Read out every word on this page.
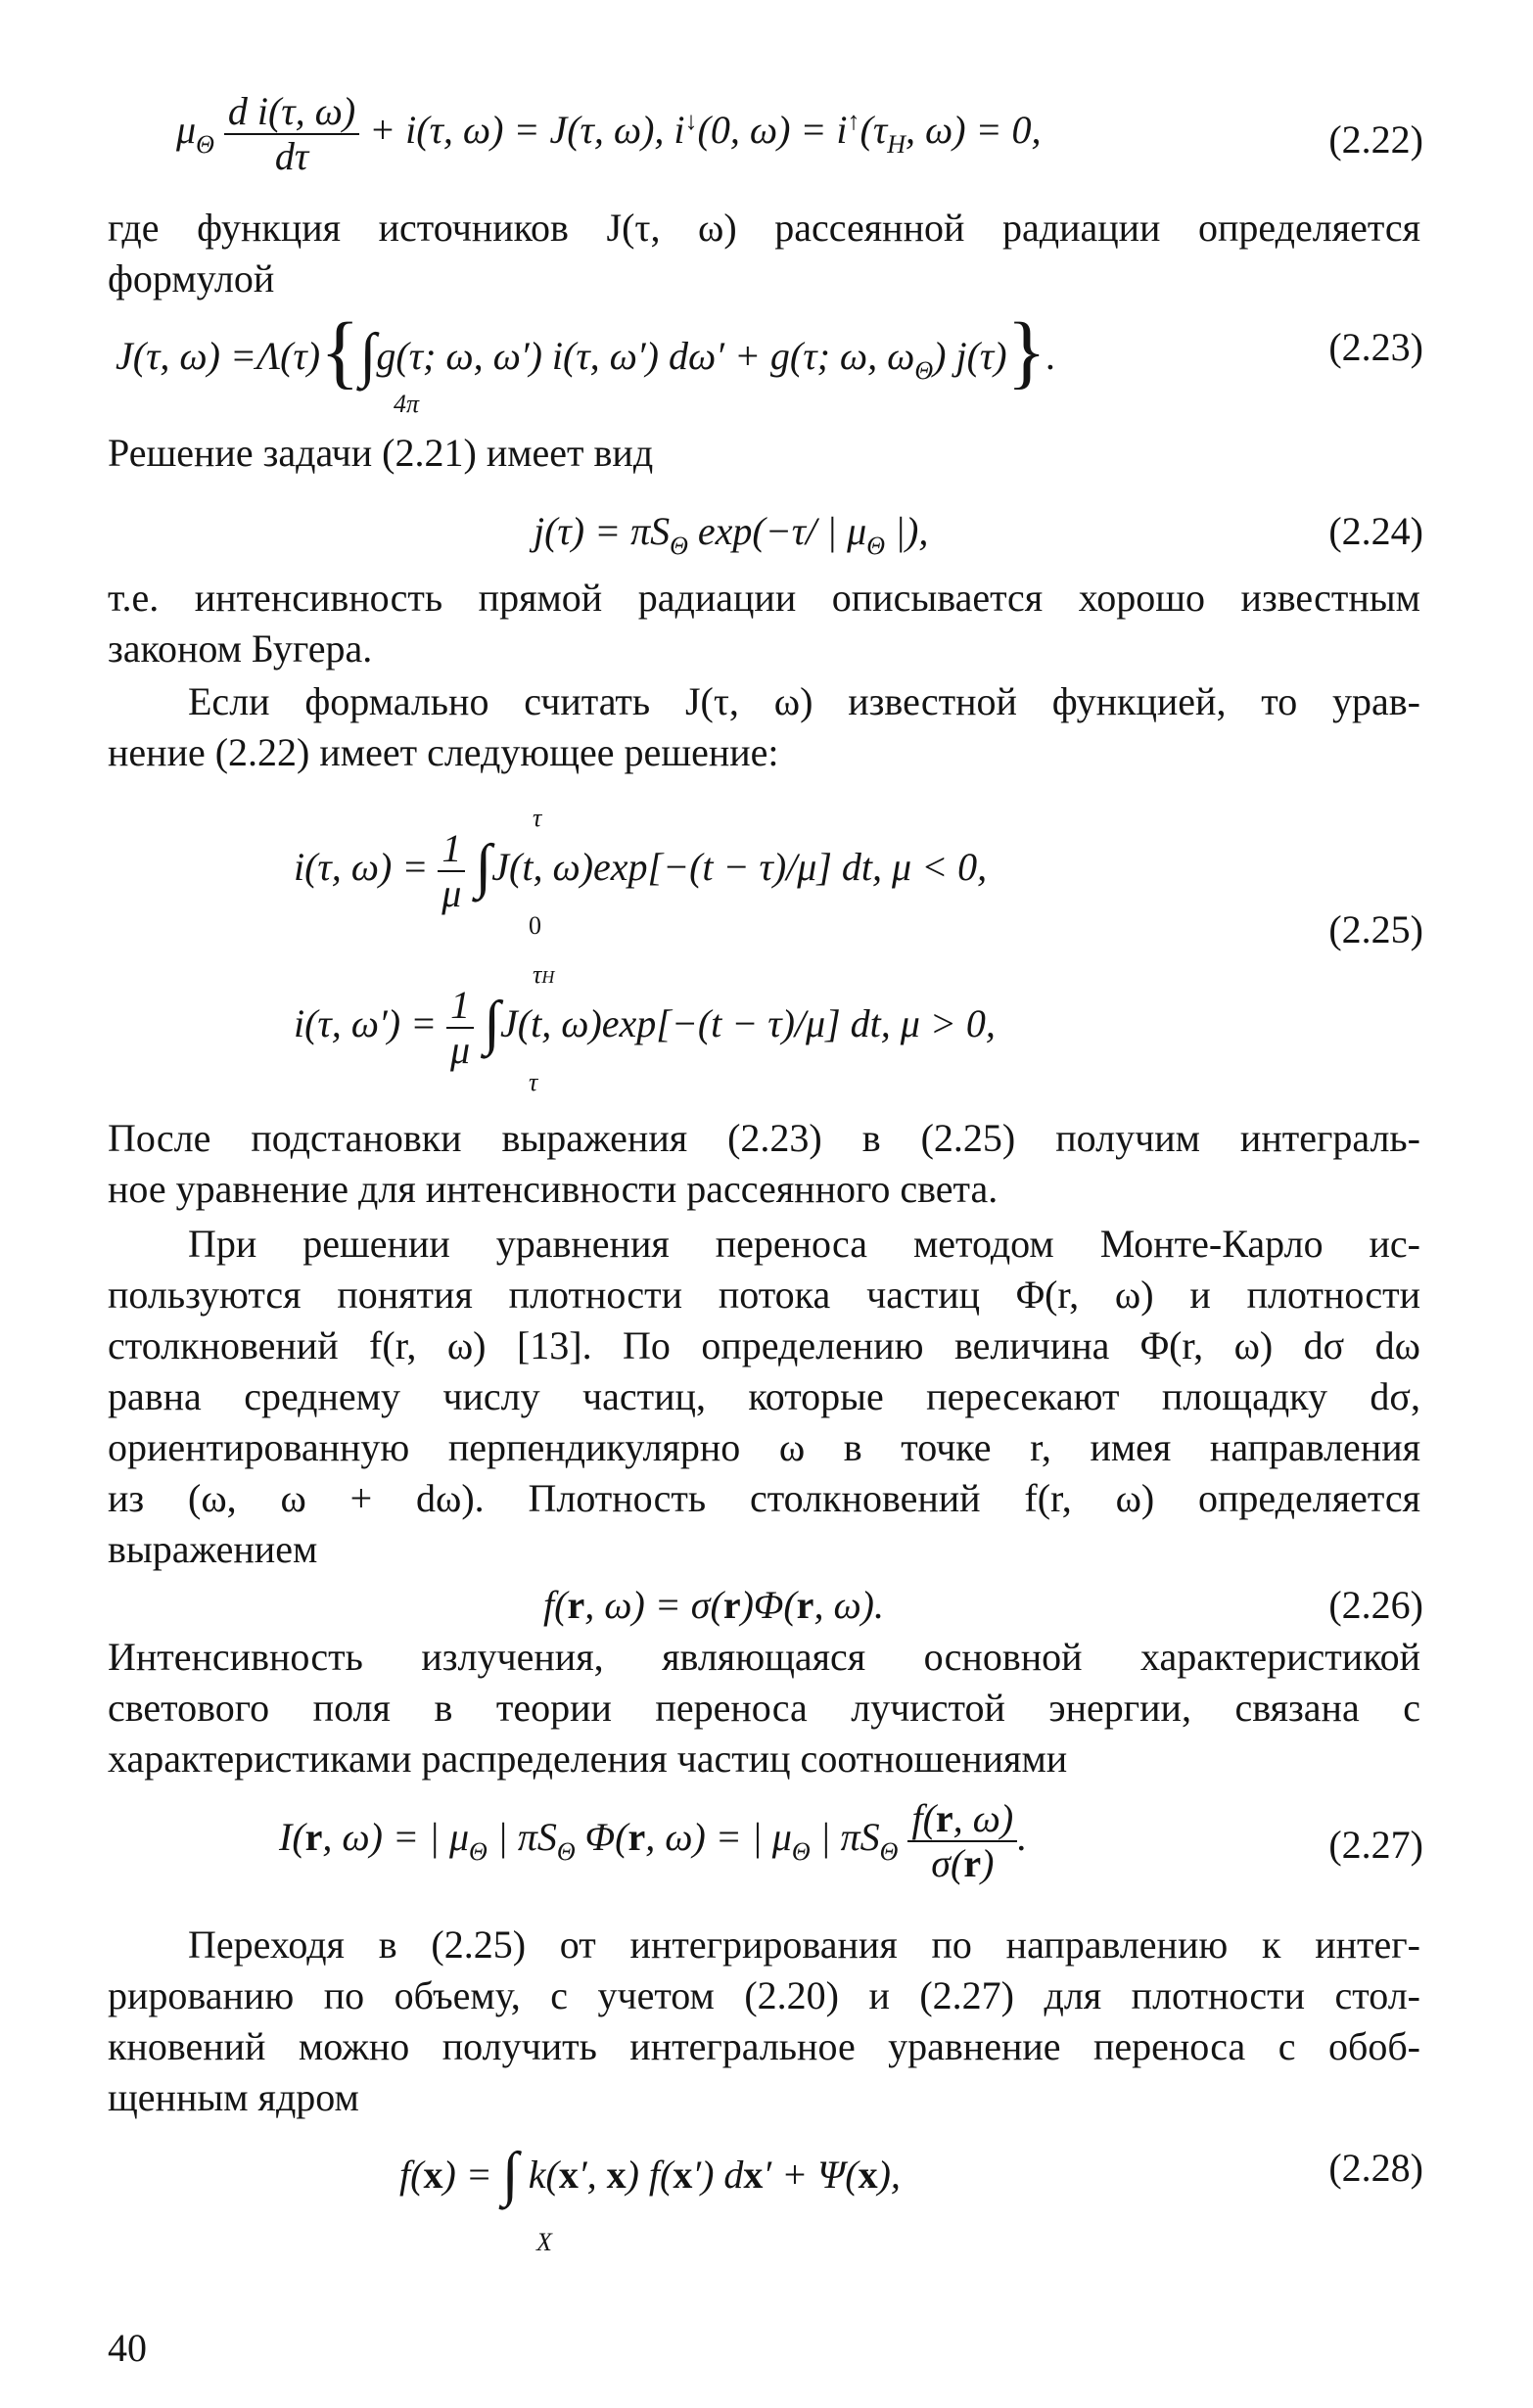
$\mu_\Theta \frac{\text{d i(τ, ω)}}{d\tau} + i(\tau$, ω) = J(τ, ω), i↓(0, $\omega) = i^↑(\tau_H$, ω) = 0,	(2.22)
где функция источников J(τ, ω) рассеянной радиации определяется
формулой
J(τ, ω) =Λ(τ){∫g(τ; ω, ω′) i(τ, ω′) dω′ + g(τ; ω, $\omega_\Theta$) j(τ)}.
4π
(2.23)
Решение задачи (2.21) имеет вид
$j(\tau) = \pi S_\Theta$ exp(−τ/ | $\mu_\Theta$ |),	(2.24)
т.е. интенсивность прямой радиации описывается хорошо известным
законом Бугера.
Если формально считать J(τ, ω) известной функцией, то урав-
нение (2.22) имеет следующее решение:
i(τ, $\omega) = \frac{1}{\mu} \int J(t$, ω)exp[−(t − τ)/μ] dt, μ < 0,
τ
0
i(τ, $\omega') = \frac{1}{\mu} \int J(t$, ω)exp[−(t − τ)/μ] dt, μ > 0,
τH
τ
(2.25)
После подстановки выражения (2.23) в (2.25) получим интеграль-
ное уравнение для интенсивности рассеянного света.
При решении уравнения переноса методом Монте-Карло ис-
пользуются понятия плотности потока частиц Φ(r, ω) и плотности
столкновений f(r, ω) [13]. По определению величина Φ(r, ω) dσ dω
равна среднему числу частиц, которые пересекают площадку dσ,
ориентированную перпендикулярно ω в точке r, имея направления
из (ω, ω + dω). Плотность столкновений f(r, ω) определяется
выражением
f(r, ω) = σ(r)Φ(r, ω).	(2.26)
Интенсивность излучения, являющаяся основной характеристикой
светового поля в теории переноса лучистой энергии, связана с
характеристиками распределения частиц соотношениями
I(r, ω) = | $\mu_\Theta$ | $\pi S_\Theta$ Φ(r, ω) = | $\mu_\Theta$ | $\pi S_\Theta \frac{f(r, \omega)}{\sigma(r)}$ .	(2.27)
Переходя в (2.25) от интегрирования по направлению к интег-
рированию по объему, с учетом (2.20) и (2.27) для плотности стол-
кновений можно получить интегральное уравнение переноса с обоб-
щенным ядром
f(x) = ∫ k(x′, x) f(x′) dx′ + Ψ(x),
X
(2.28)
40
